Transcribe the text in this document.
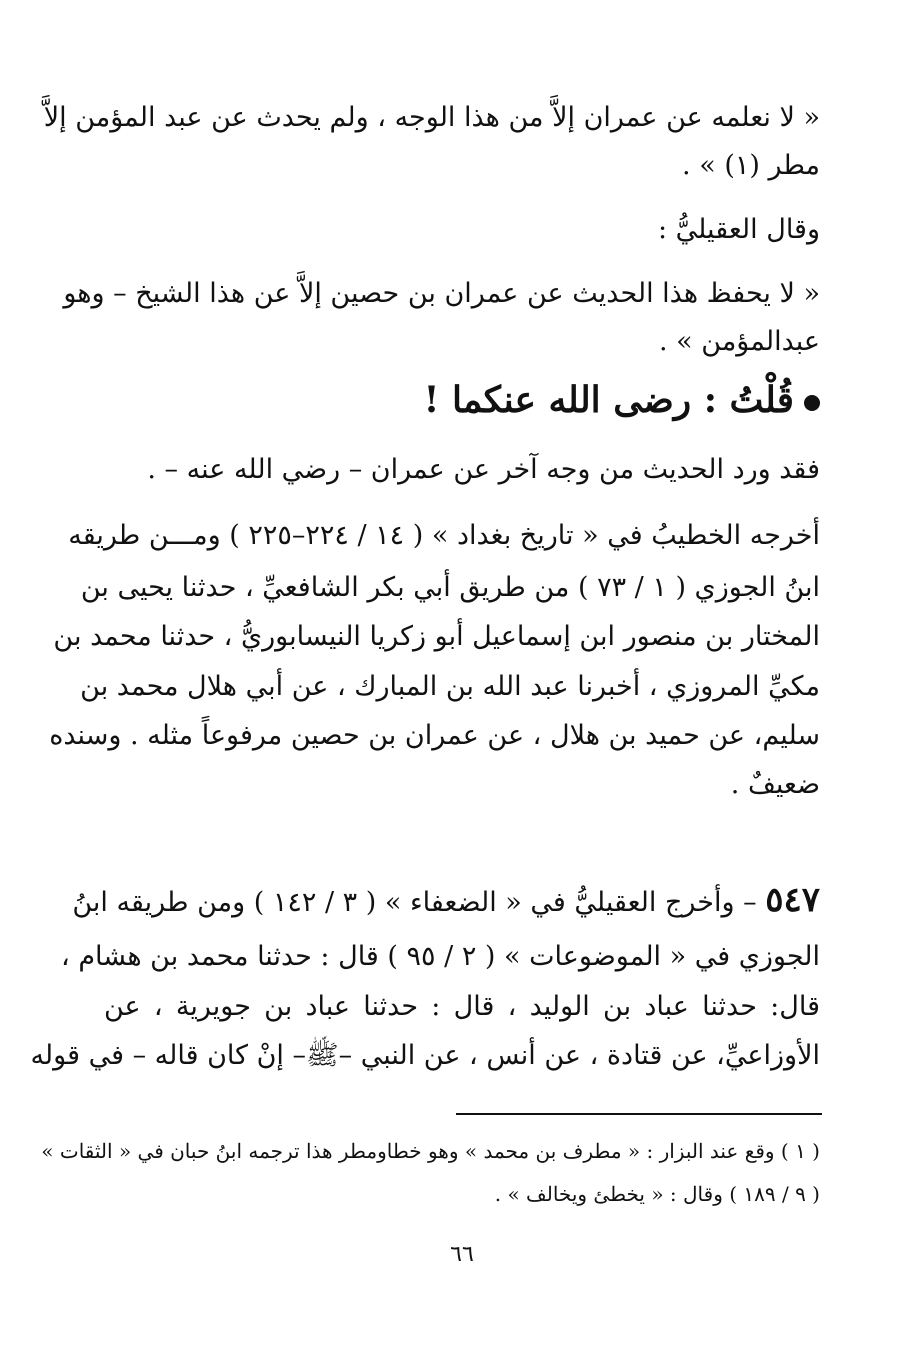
« لا نعلمه عن عمران إلاَّ من هذا الوجه ، ولم يحدث عن عبد المؤمن إلاَّ
مطر (١) » .
وقال العقيليُّ :
« لا يحفظ هذا الحديث عن عمران بن حصين إلاَّ عن هذا الشيخ – وهو
عبدالمؤمن » .
قُلْتُ : رضى الله عنكما !
فقد ورد الحديث من وجه آخر عن عمران – رضي الله عنه – .
أخرجه الخطيبُ في « تاريخ بغداد » ( ١٤ / ٢٢٤–٢٢٥ ) ومـــن طريقه
ابنُ الجوزي ( ١ / ٧٣ ) من طريق أبي بكر الشافعيِّ ، حدثنا يحيى بن
المختار بن منصور ابن إسماعيل أبو زكريا النيسابوريُّ ، حدثنا محمد بن
مكيِّ المروزي ، أخبرنا عبد الله بن المبارك ، عن أبي هلال محمد بن
سليم، عن حميد بن هلال ، عن عمران بن حصين مرفوعاً مثله . وسنده
ضعيفٌ .
٥٤٧ – وأخرج العقيليُّ في « الضعفاء » ( ٣ / ١٤٢ ) ومن طريقه ابنُ
الجوزي في « الموضوعات » ( ٢ / ٩٥ ) قال : حدثنا محمد بن هشام ،
قال: حدثنا عباد بن الوليد ، قال : حدثنا عباد بن جويرية ، عن
الأوزاعيِّ، عن قتادة ، عن أنس ، عن النبي –ﷺ– إنْ كان قاله – في قوله
( ١ ) وقع عند البزار : « مطرف بن محمد » وهو خطاومطر هذا ترجمه ابنُ حبان في « الثقات »
( ٩ / ١٨٩ ) وقال : « يخطئ ويخالف » .
٦٦
